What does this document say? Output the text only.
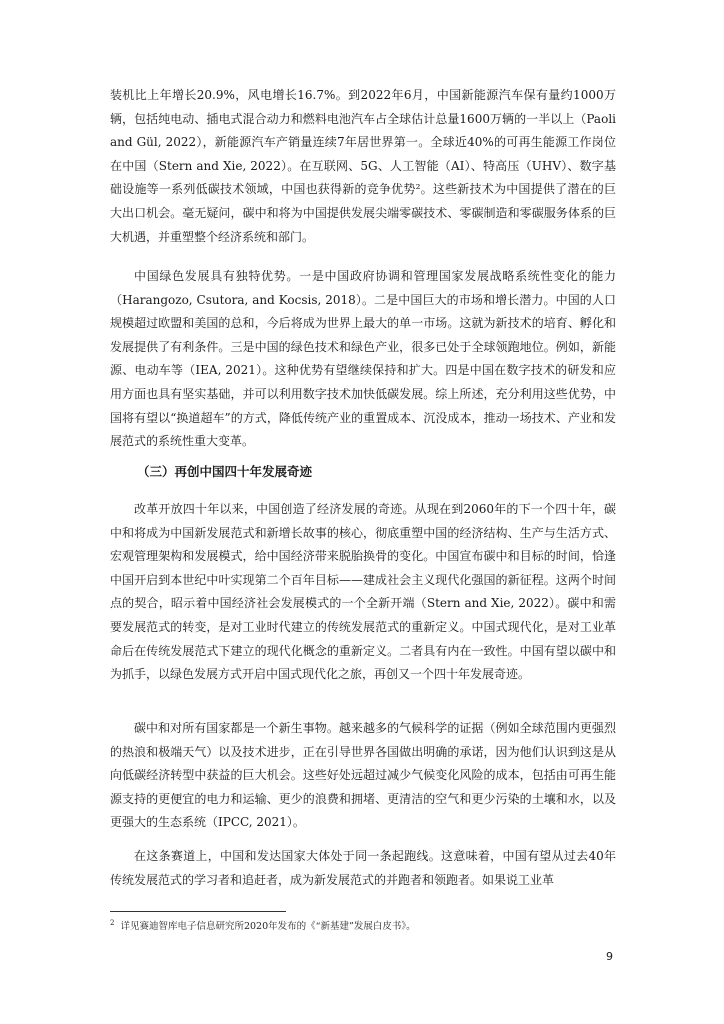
装机比上年增长20.9%，风电增长16.7%。到2022年6月，中国新能源汽车保有量约1000万辆，包括纯电动、插电式混合动力和燃料电池汽车占全球估计总量1600万辆的一半以上（Paoli and Gül, 2022），新能源汽车产销量连续7年居世界第一。全球近40%的可再生能源工作岗位在中国（Stern and Xie, 2022）。在互联网、5G、人工智能（AI）、特高压（UHV）、数字基础设施等一系列低碳技术领域，中国也获得新的竞争优势²。这些新技术为中国提供了潜在的巨大出口机会。毫无疑问，碳中和将为中国提供发展尖端零碳技术、零碳制造和零碳服务体系的巨大机遇，并重塑整个经济系统和部门。

中国绿色发展具有独特优势。一是中国政府协调和管理国家发展战略系统性变化的能力（Harangozo, Csutora, and Kocsis, 2018）。二是中国巨大的市场和增长潜力。中国的人口规模超过欧盟和美国的总和，今后将成为世界上最大的单一市场。这就为新技术的培育、孵化和发展提供了有利条件。三是中国的绿色技术和绿色产业，很多已处于全球领跑地位。例如，新能源、电动车等（IEA, 2021）。这种优势有望继续保持和扩大。四是中国在数字技术的研发和应用方面也具有坚实基础，并可以利用数字技术加快低碳发展。综上所述，充分利用这些优势，中国将有望以“换道超车”的方式，降低传统产业的重置成本、沉没成本，推动一场技术、产业和发展范式的系统性重大变革。

（三）再创中国四十年发展奇迹

改革开放四十年以来，中国创造了经济发展的奇迹。从现在到2060年的下一个四十年，碳中和将成为中国新发展范式和新增长故事的核心，彻底重塑中国的经济结构、生产与生活方式、宏观管理架构和发展模式，给中国经济带来脱胎换骨的变化。中国宣布碳中和目标的时间，恰逢中国开启到本世纪中叶实现第二个百年目标——建成社会主义现代化强国的新征程。这两个时间点的契合，昭示着中国经济社会发展模式的一个全新开端（Stern and Xie, 2022）。碳中和需要发展范式的转变，是对工业时代建立的传统发展范式的重新定义。中国式现代化，是对工业革命后在传统发展范式下建立的现代化概念的重新定义。二者具有内在一致性。中国有望以碳中和为抓手，以绿色发展方式开启中国式现代化之旅，再创又一个四十年发展奇迹。

碳中和对所有国家都是一个新生事物。越来越多的气候科学的证据（例如全球范围内更强烈的热浪和极端天气）以及技术进步，正在引导世界各国做出明确的承诺，因为他们认识到这是从向低碳经济转型中获益的巨大机会。这些好处远超过减少气候变化风险的成本，包括由可再生能源支持的更便宜的电力和运输、更少的浪费和拥堵、更清洁的空气和更少污染的土壤和水，以及更强大的生态系统（IPCC, 2021）。

在这条赛道上，中国和发达国家大体处于同一条起跑线。这意味着，中国有望从过去40年传统发展范式的学习者和追赶者，成为新发展范式的并跑者和领跑者。如果说工业革

$^2$ 详见赛迪智库电子信息研究所2020年发布的《“新基建”发展白皮书》。
9
